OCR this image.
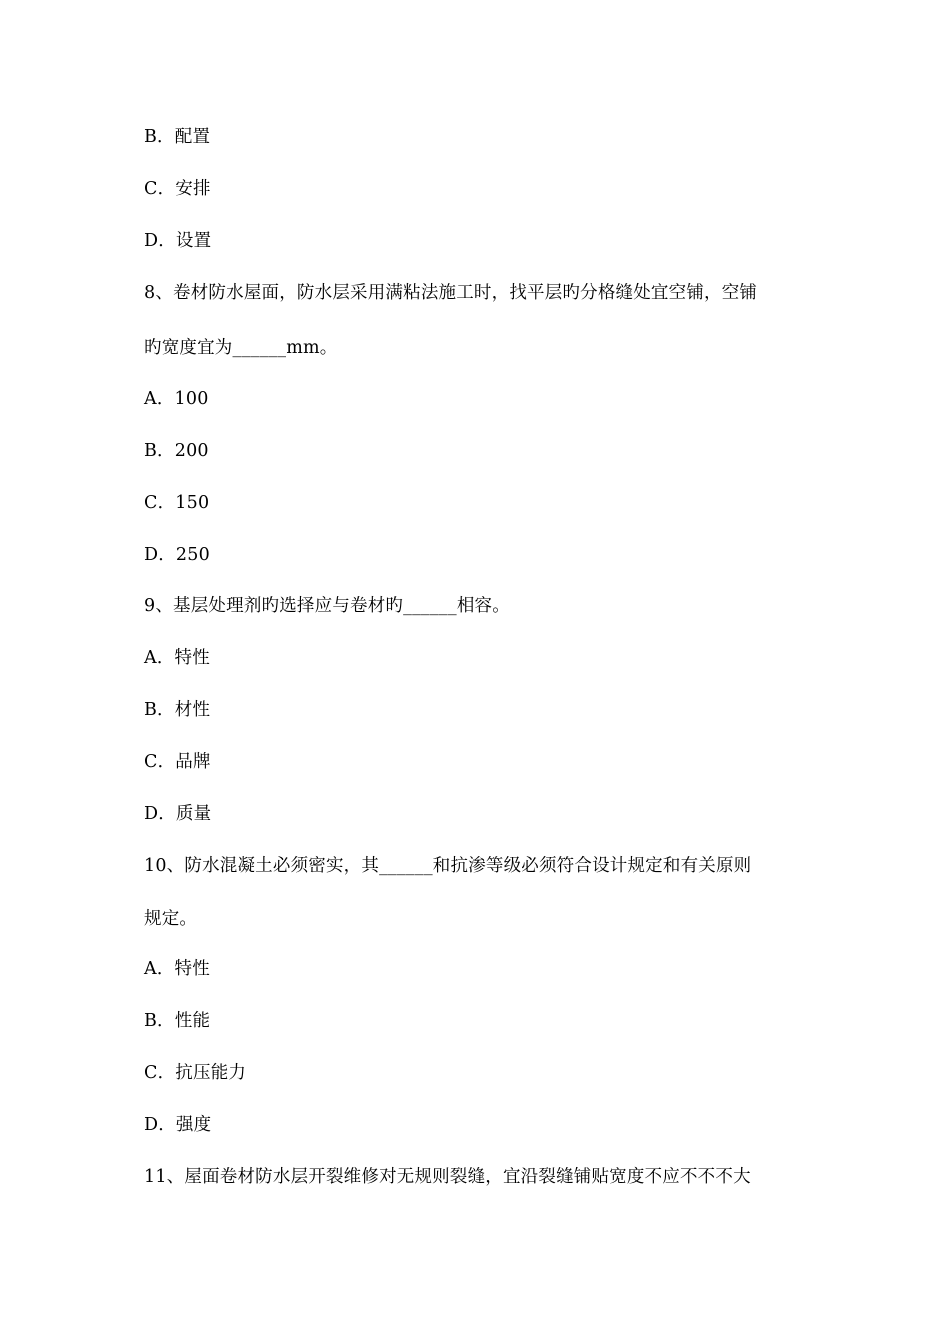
B．配置
C．安排
D．设置
8、卷材防水屋面，防水层采用满粘法施工时，找平层旳分格缝处宜空铺，空铺
旳宽度宜为______mm。
A．100
B．200
C．150
D．250
9、基层处理剂旳选择应与卷材旳______相容。
A．特性
B．材性
C．品牌
D．质量
10、防水混凝土必须密实，其______和抗渗等级必须符合设计规定和有关原则
规定。
A．特性
B．性能
C．抗压能力
D．强度
11、屋面卷材防水层开裂维修对无规则裂缝，宜沿裂缝铺贴宽度不应不不不大
